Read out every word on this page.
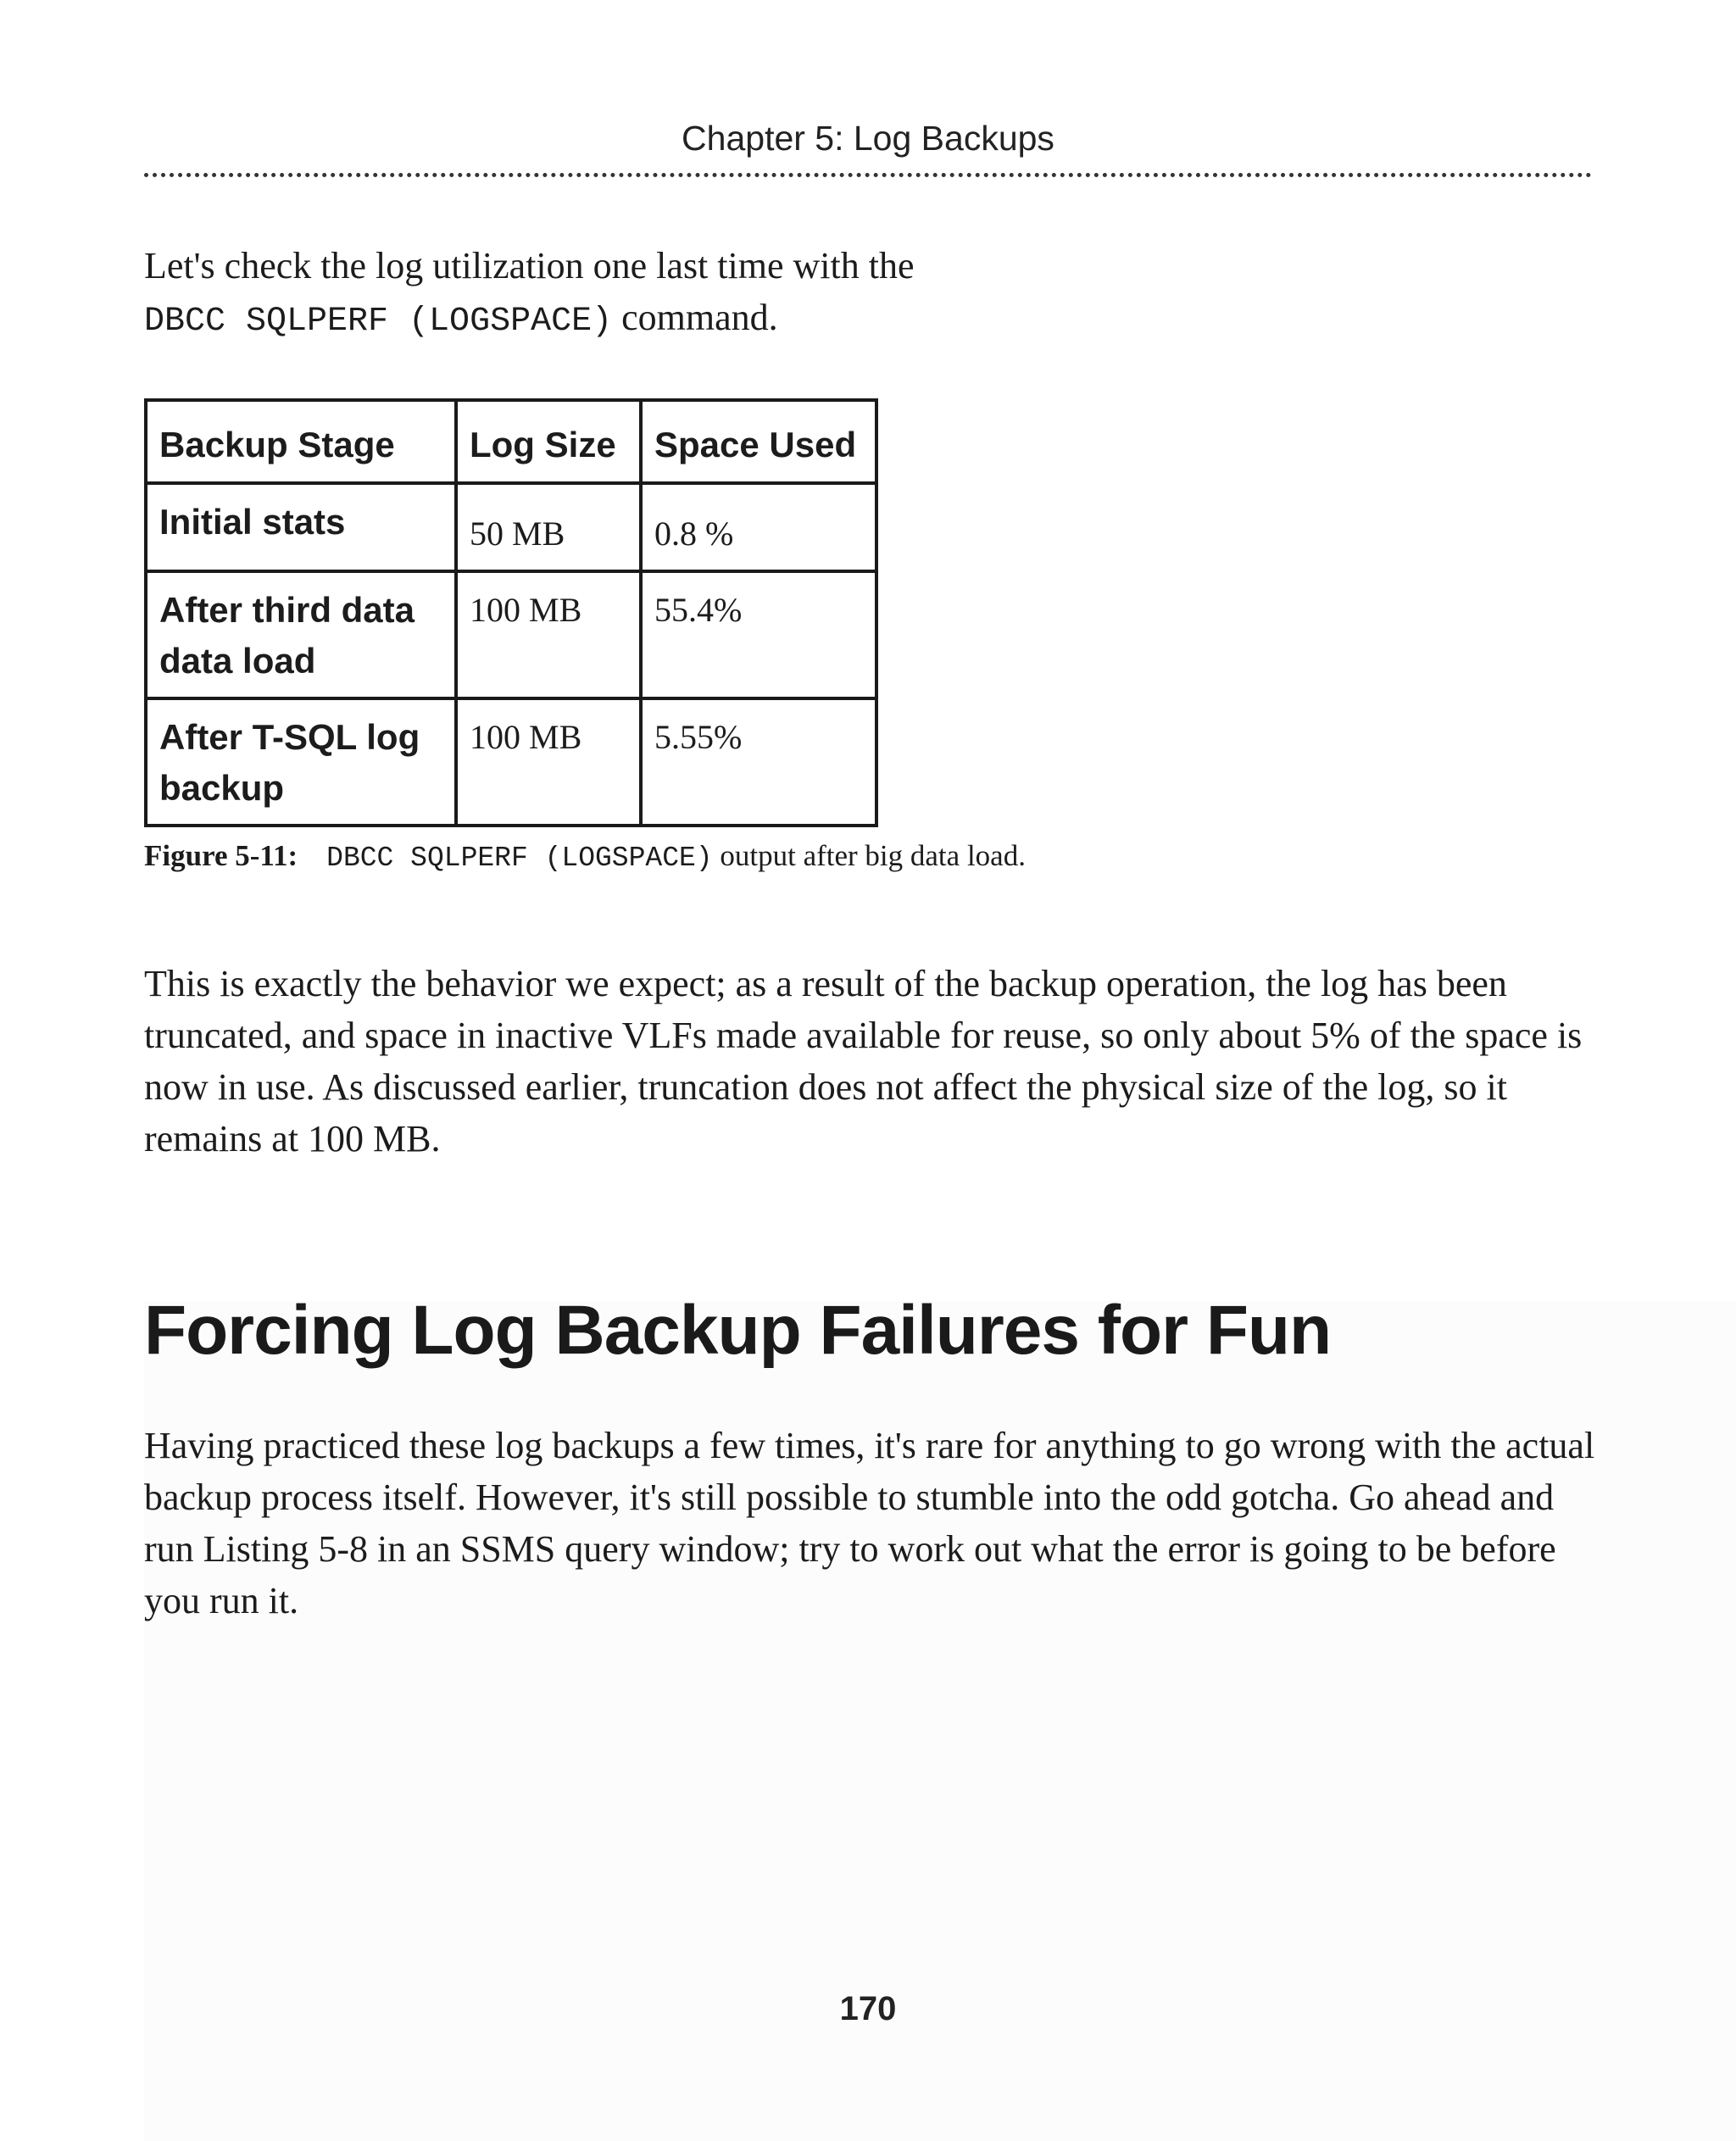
Chapter 5: Log Backups

Let's check the log utilization one last time with the
DBCC SQLPERF (LOGSPACE) command.

Backup Stage	Log Size	Space Used
Initial stats	50 MB	0.8 %
After third data data load	100 MB	55.4%
After T-SQL log backup	100 MB	5.55%
Figure 5-11: DBCC SQLPERF (LOGSPACE) output after big data load.

This is exactly the behavior we expect; as a result of the backup operation, the log has been truncated, and space in inactive VLFs made available for reuse, so only about 5% of the space is now in use. As discussed earlier, truncation does not affect the physical size of the log, so it remains at 100 MB.

Forcing Log Backup Failures for Fun

Having practiced these log backups a few times, it's rare for anything to go wrong with the actual backup process itself. However, it's still possible to stumble into the odd gotcha. Go ahead and run Listing 5-8 in an SSMS query window; try to work out what the error is going to be before you run it.

170
